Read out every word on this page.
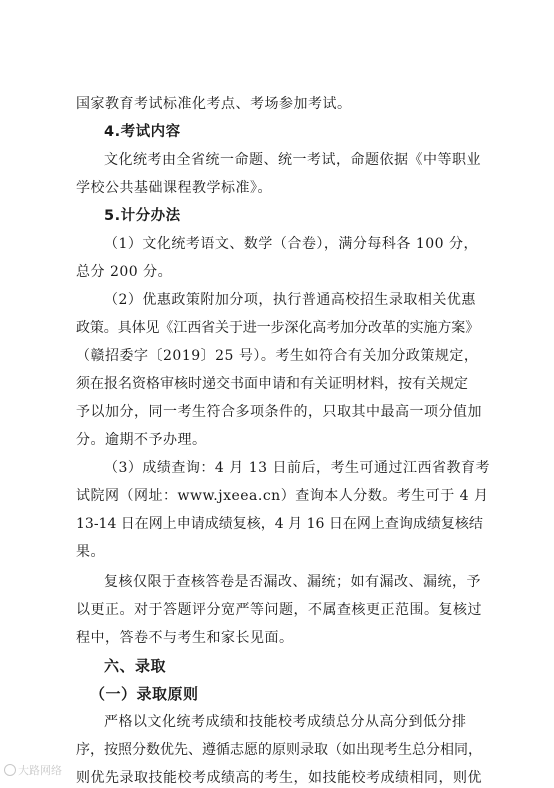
国家教育考试标准化考点、考场参加考试。
4.考试内容
文化统考由全省统一命题、统一考试，命题依据《中等职业
学校公共基础课程教学标准》。
5.计分办法
（1）文化统考语文、数学（合卷），满分每科各 100 分，
总分 200 分。
（2）优惠政策附加分项，执行普通高校招生录取相关优惠
政策。具体见《江西省关于进一步深化高考加分改革的实施方案》
（赣招委字〔2019〕25 号）。考生如符合有关加分政策规定，
须在报名资格审核时递交书面申请和有关证明材料，按有关规定
予以加分，同一考生符合多项条件的，只取其中最高一项分值加
分。逾期不予办理。
（3）成绩查询：4 月 13 日前后，考生可通过江西省教育考
试院网（网址：www.jxeea.cn）查询本人分数。考生可于 4 月
13-14 日在网上申请成绩复核，4 月 16 日在网上查询成绩复核结
果。
复核仅限于查核答卷是否漏改、漏统；如有漏改、漏统，予
以更正。对于答题评分宽严等问题，不属查核更正范围。复核过
程中，答卷不与考生和家长见面。
六、录取
（一）录取原则
严格以文化统考成绩和技能校考成绩总分从高分到低分排
序，按照分数优先、遵循志愿的原则录取（如出现考生总分相同，
则优先录取技能校考成绩高的考生，如技能校考成绩相同，则优
大路网络
